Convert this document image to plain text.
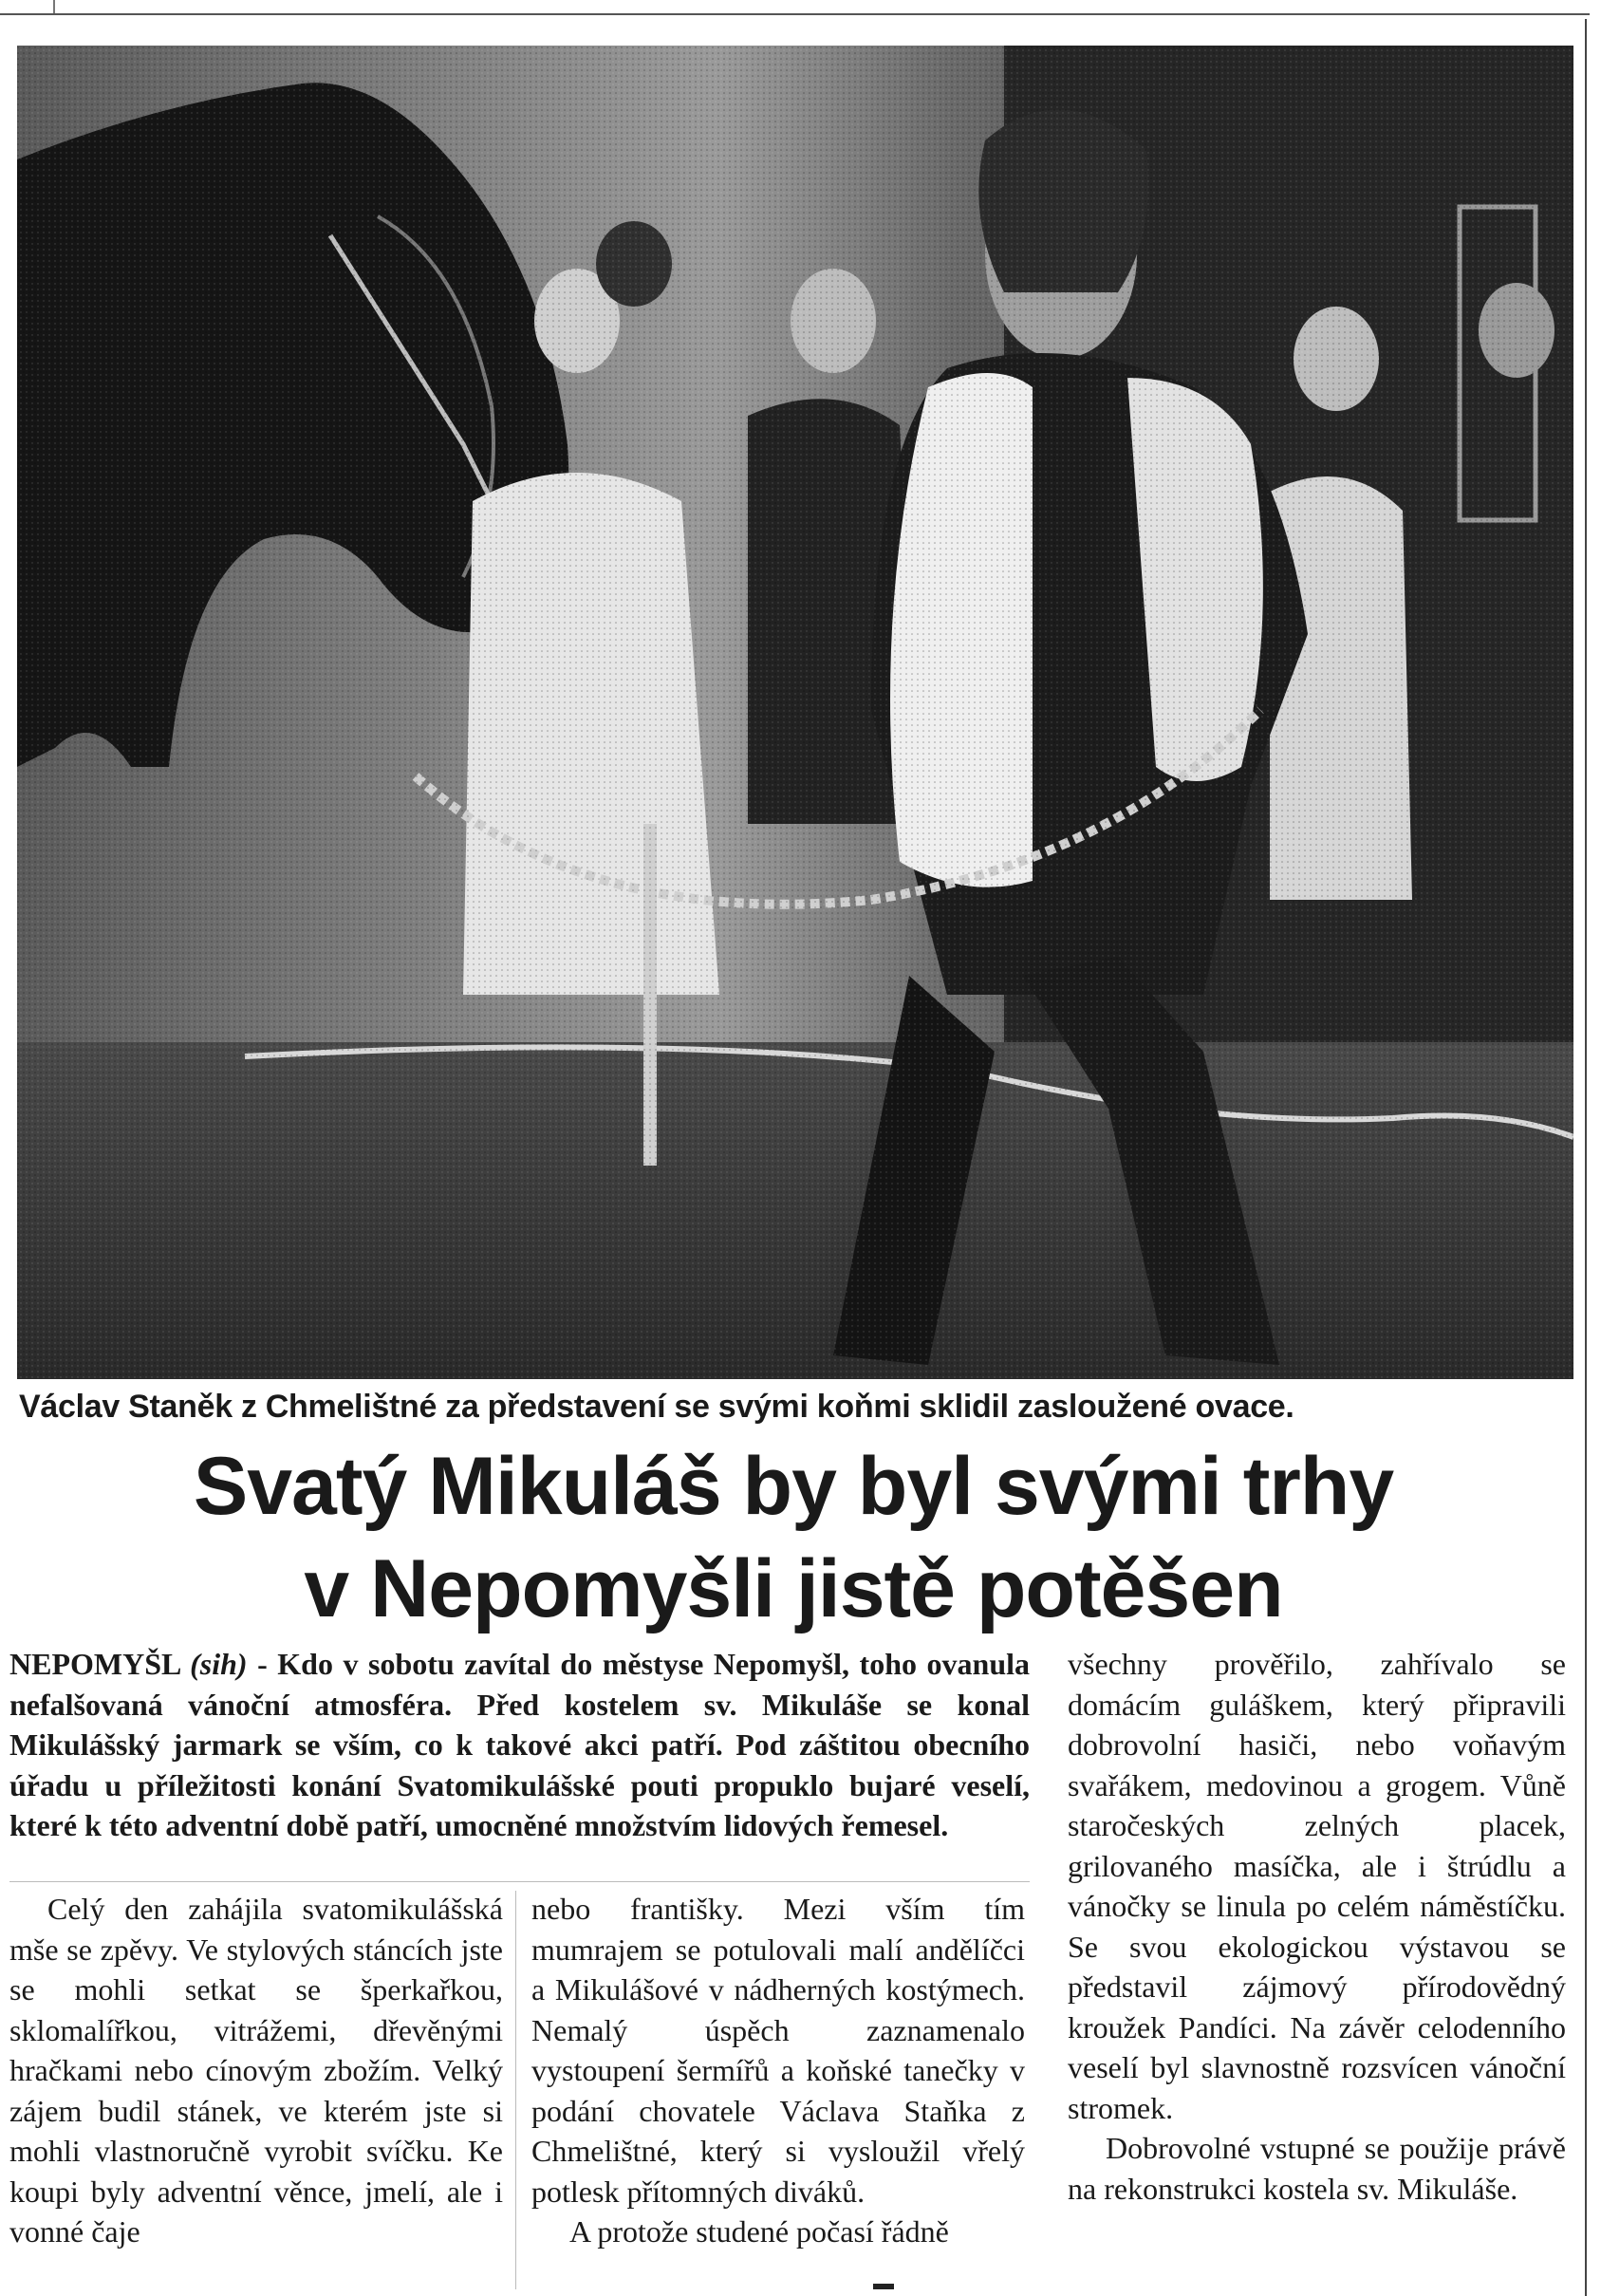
Václav Staněk z Chmelištné za představení se svými koňmi sklidil zasloužené ovace.
Svatý Mikuláš by byl svými trhy
v Nepomyšli jistě potěšen
NEPOMYŠL (sih) - Kdo v sobotu zavítal do městyse Nepomyšl, toho ovanula nefalšovaná vánoční atmosféra. Před kostelem sv. Mikuláše se konal Mikulášský jarmark se vším, co k takové akci patří. Pod záštitou obecního úřadu u příležitosti konání Svatomikulášské pouti propuklo bujaré veselí, které k této adventní době patří, umocněné množstvím lidových řemesel.

Celý den zahájila svatomikulášská mše se zpěvy. Ve stylových stáncích jste se mohli setkat se šperkařkou, sklomalířkou, vitrážemi, dřevěnými hračkami nebo cínovým zbožím. Velký zájem budil stánek, ve kterém jste si mohli vlastnoručně vyrobit svíčku. Ke koupi byly adventní věnce, jmelí, ale i vonné čaje

nebo františky. Mezi vším tím mumrajem se potulovali malí andělíčci a Mikulášové v nádherných kostýmech. Nemalý úspěch zaznamenalo vystoupení šermířů a koňské tanečky v podání chovatele Václava Staňka z Chmelištné, který si vysloužil vřelý potlesk přítomných diváků.

A protože studené počasí řádně

všechny prověřilo, zahřívalo se domácím guláškem, který připravili dobrovolní hasiči, nebo voňavým svařákem, medovinou a grogem. Vůně staročeských zelných placek, grilovaného masíčka, ale i štrúdlu a vánočky se linula po celém náměstíčku. Se svou ekologickou výstavou se představil zájmový přírodovědný kroužek Pandíci. Na závěr celodenního veselí byl slavnostně rozsvícen vánoční stromek.

Dobrovolné vstupné se použije právě na rekonstrukci kostela sv. Mikuláše.
